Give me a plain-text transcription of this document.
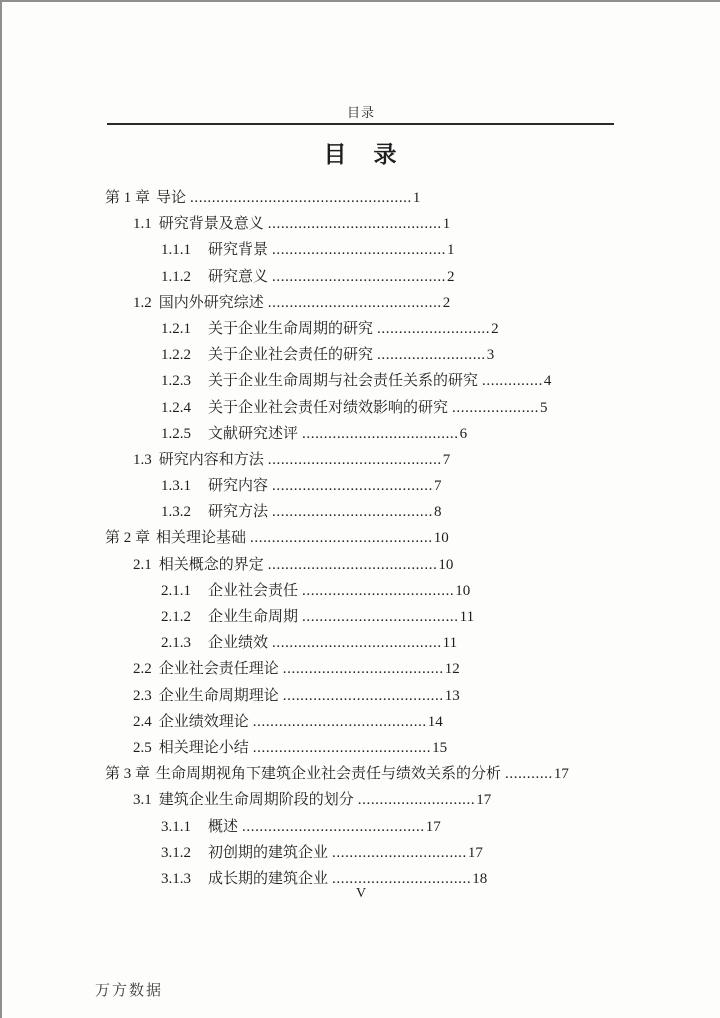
目录
目　录
第 1 章 导论 ...................................................1
1.1 研究背景及意义 ........................................1
1.1.1 研究背景 ........................................1
1.1.2 研究意义 ........................................2
1.2 国内外研究综述 ........................................2
1.2.1 关于企业生命周期的研究 ..........................2
1.2.2 关于企业社会责任的研究 .........................3
1.2.3 关于企业生命周期与社会责任关系的研究 ..............4
1.2.4 关于企业社会责任对绩效影响的研究 ....................5
1.2.5 文献研究述评 ....................................6
1.3 研究内容和方法 ........................................7
1.3.1 研究内容 .....................................7
1.3.2 研究方法 .....................................8
第 2 章 相关理论基础 ..........................................10
2.1 相关概念的界定 .......................................10
2.1.1 企业社会责任 ...................................10
2.1.2 企业生命周期 ....................................11
2.1.3 企业绩效 .......................................11
2.2 企业社会责任理论 .....................................12
2.3 企业生命周期理论 .....................................13
2.4 企业绩效理论 ........................................14
2.5 相关理论小结 .........................................15
第 3 章 生命周期视角下建筑企业社会责任与绩效关系的分析 ...........17
3.1 建筑企业生命周期阶段的划分 ...........................17
3.1.1 概述 ..........................................17
3.1.2 初创期的建筑企业 ...............................17
3.1.3 成长期的建筑企业 ................................18
V
万方数据
